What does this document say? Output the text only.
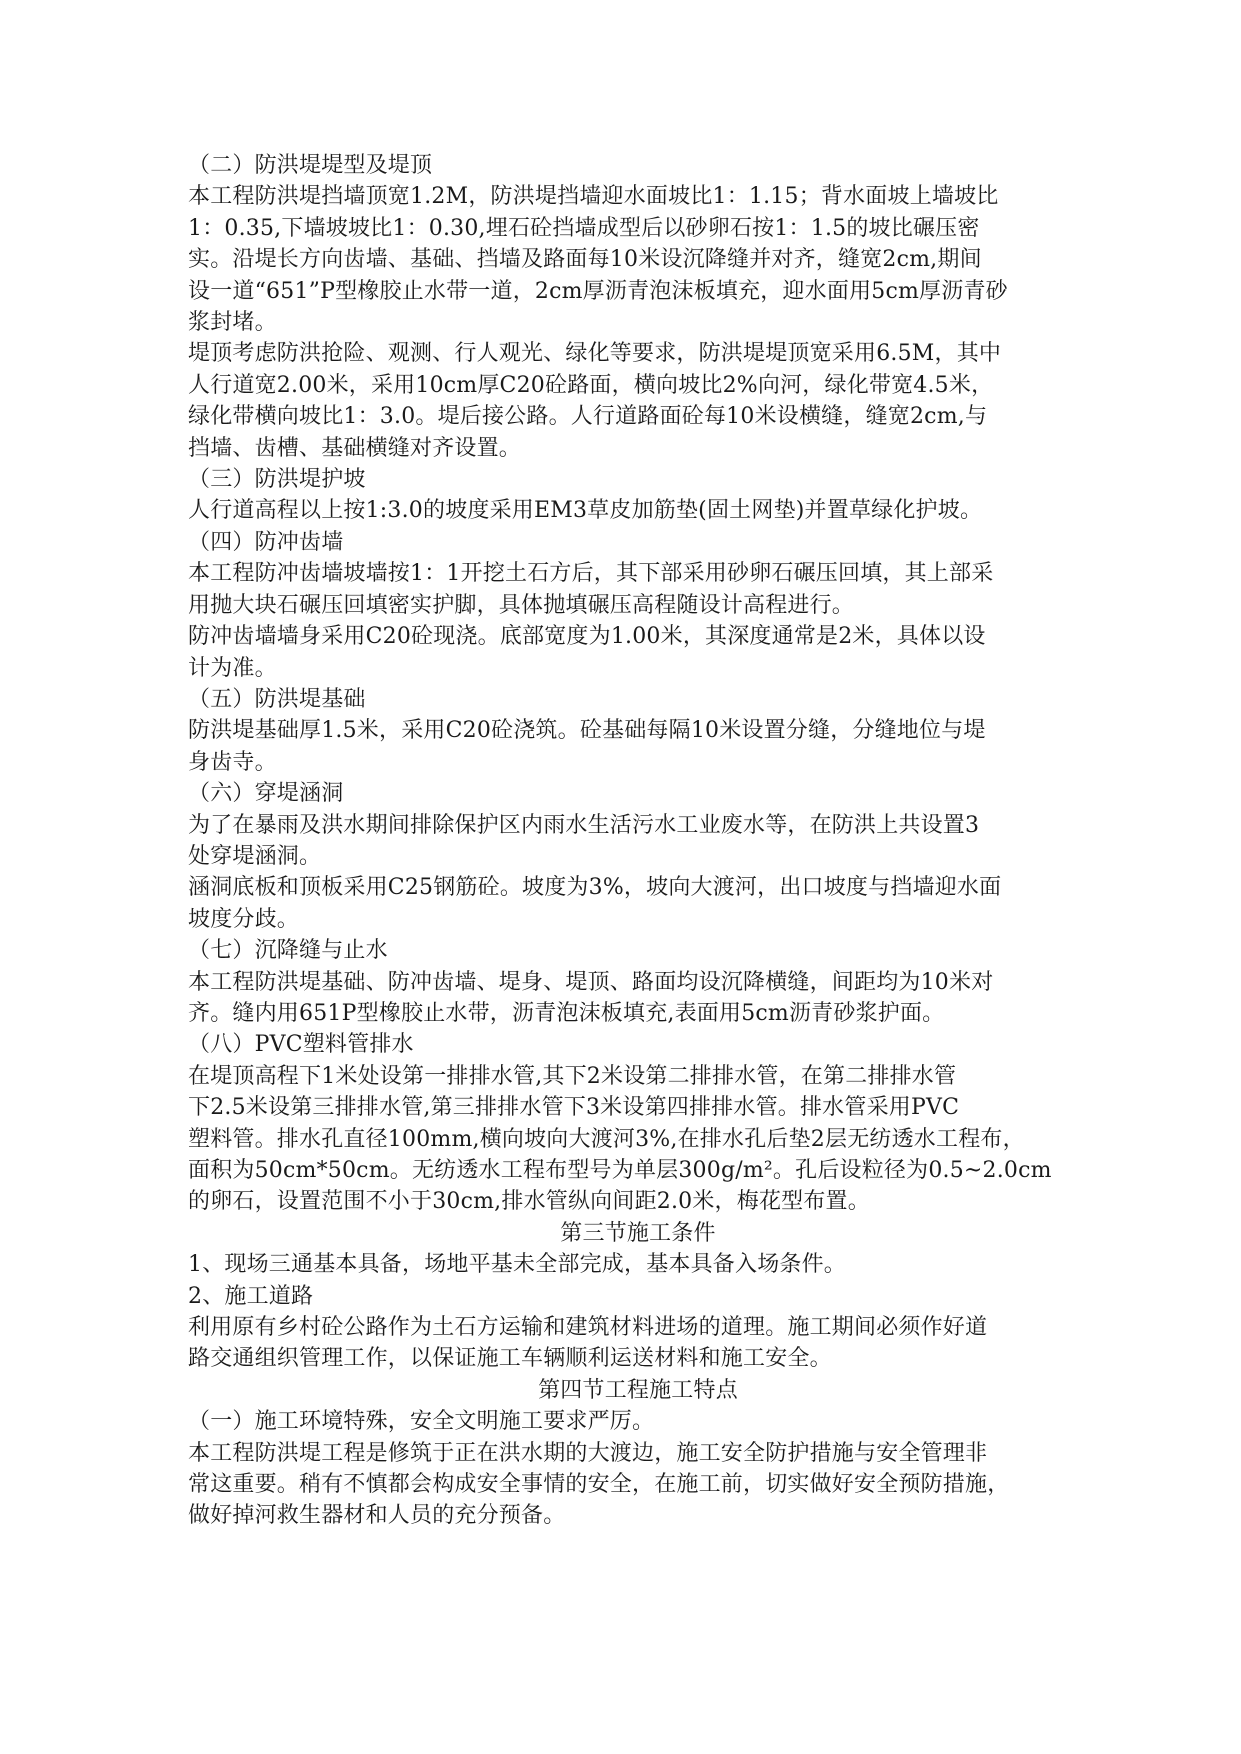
（二）防洪堤堤型及堤顶
本工程防洪堤挡墙顶宽1.2M，防洪堤挡墙迎水面坡比1：1.15；背水面坡上墙坡比
1：0.35,下墙坡坡比1：0.30,埋石砼挡墙成型后以砂卵石按1：1.5的坡比碾压密
实。沿堤长方向齿墙、基础、挡墙及路面每10米设沉降缝并对齐，缝宽2cm,期间
设一道“651”P型橡胶止水带一道，2cm厚沥青泡沫板填充，迎水面用5cm厚沥青砂
浆封堵。
堤顶考虑防洪抢险、观测、行人观光、绿化等要求，防洪堤堤顶宽采用6.5M，其中
人行道宽2.00米，采用10cm厚C20砼路面，横向坡比2%向河，绿化带宽4.5米，
绿化带横向坡比1：3.0。堤后接公路。人行道路面砼每10米设横缝，缝宽2cm,与
挡墙、齿槽、基础横缝对齐设置。
（三）防洪堤护坡
人行道高程以上按1:3.0的坡度采用EM3草皮加筋垫(固土网垫)并置草绿化护坡。
（四）防冲齿墙
本工程防冲齿墙坡墙按1：1开挖土石方后，其下部采用砂卵石碾压回填，其上部采
用抛大块石碾压回填密实护脚，具体抛填碾压高程随设计高程进行。
防冲齿墙墙身采用C20砼现浇。底部宽度为1.00米，其深度通常是2米，具体以设
计为准。
（五）防洪堤基础
防洪堤基础厚1.5米，采用C20砼浇筑。砼基础每隔10米设置分缝，分缝地位与堤
身齿寺。
（六）穿堤涵洞
为了在暴雨及洪水期间排除保护区内雨水生活污水工业废水等，在防洪上共设置3
处穿堤涵洞。
涵洞底板和顶板采用C25钢筋砼。坡度为3%，坡向大渡河，出口坡度与挡墙迎水面
坡度分歧。
（七）沉降缝与止水
本工程防洪堤基础、防冲齿墙、堤身、堤顶、路面均设沉降横缝，间距均为10米对
齐。缝内用651P型橡胶止水带，沥青泡沫板填充,表面用5cm沥青砂浆护面。
（八）PVC塑料管排水
在堤顶高程下1米处设第一排排水管,其下2米设第二排排水管，在第二排排水管
下2.5米设第三排排水管,第三排排水管下3米设第四排排水管。排水管采用PVC
塑料管。排水孔直径100mm,横向坡向大渡河3%,在排水孔后垫2层无纺透水工程布，
面积为50cm*50cm。无纺透水工程布型号为单层300g/m²。孔后设粒径为0.5~2.0cm
的卵石，设置范围不小于30cm,排水管纵向间距2.0米，梅花型布置。
第三节施工条件
1、现场三通基本具备，场地平基未全部完成，基本具备入场条件。
2、施工道路
利用原有乡村砼公路作为土石方运输和建筑材料进场的道理。施工期间必须作好道
路交通组织管理工作，以保证施工车辆顺利运送材料和施工安全。
第四节工程施工特点
（一）施工环境特殊，安全文明施工要求严厉。
本工程防洪堤工程是修筑于正在洪水期的大渡边，施工安全防护措施与安全管理非
常这重要。稍有不慎都会构成安全事情的安全，在施工前，切实做好安全预防措施，
做好掉河救生器材和人员的充分预备。
